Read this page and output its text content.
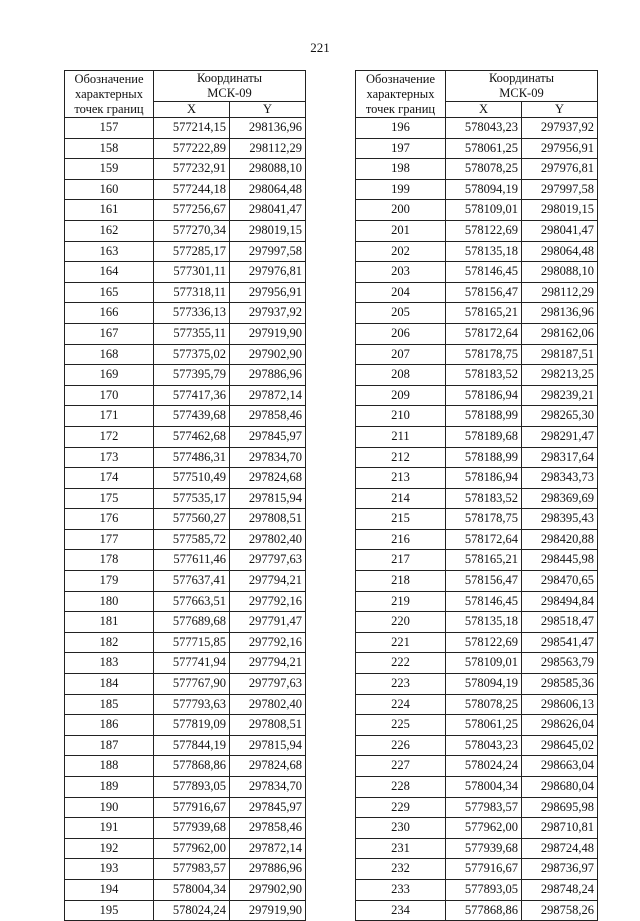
221
Обозначение
характерных
точек границ	Координаты
МСК-09	

	X	Y
157	577214,15	298136,96
158	577222,89	298112,29
159	577232,91	298088,10
160	577244,18	298064,48
161	577256,67	298041,47
162	577270,34	298019,15
163	577285,17	297997,58
164	577301,11	297976,81
165	577318,11	297956,91
166	577336,13	297937,92
167	577355,11	297919,90
168	577375,02	297902,90
169	577395,79	297886,96
170	577417,36	297872,14
171	577439,68	297858,46
172	577462,68	297845,97
173	577486,31	297834,70
174	577510,49	297824,68
175	577535,17	297815,94
176	577560,27	297808,51
177	577585,72	297802,40
178	577611,46	297797,63
179	577637,41	297794,21
180	577663,51	297792,16
181	577689,68	297791,47
182	577715,85	297792,16
183	577741,94	297794,21
184	577767,90	297797,63
185	577793,63	297802,40
186	577819,09	297808,51
187	577844,19	297815,94
188	577868,86	297824,68
189	577893,05	297834,70
190	577916,67	297845,97
191	577939,68	297858,46
192	577962,00	297872,14
193	577983,57	297886,96
194	578004,34	297902,90
195	578024,24	297919,90
Обозначение
характерных
точек границ	Координаты
МСК-09	

	X	Y
196	578043,23	297937,92
197	578061,25	297956,91
198	578078,25	297976,81
199	578094,19	297997,58
200	578109,01	298019,15
201	578122,69	298041,47
202	578135,18	298064,48
203	578146,45	298088,10
204	578156,47	298112,29
205	578165,21	298136,96
206	578172,64	298162,06
207	578178,75	298187,51
208	578183,52	298213,25
209	578186,94	298239,21
210	578188,99	298265,30
211	578189,68	298291,47
212	578188,99	298317,64
213	578186,94	298343,73
214	578183,52	298369,69
215	578178,75	298395,43
216	578172,64	298420,88
217	578165,21	298445,98
218	578156,47	298470,65
219	578146,45	298494,84
220	578135,18	298518,47
221	578122,69	298541,47
222	578109,01	298563,79
223	578094,19	298585,36
224	578078,25	298606,13
225	578061,25	298626,04
226	578043,23	298645,02
227	578024,24	298663,04
228	578004,34	298680,04
229	577983,57	298695,98
230	577962,00	298710,81
231	577939,68	298724,48
232	577916,67	298736,97
233	577893,05	298748,24
234	577868,86	298758,26
